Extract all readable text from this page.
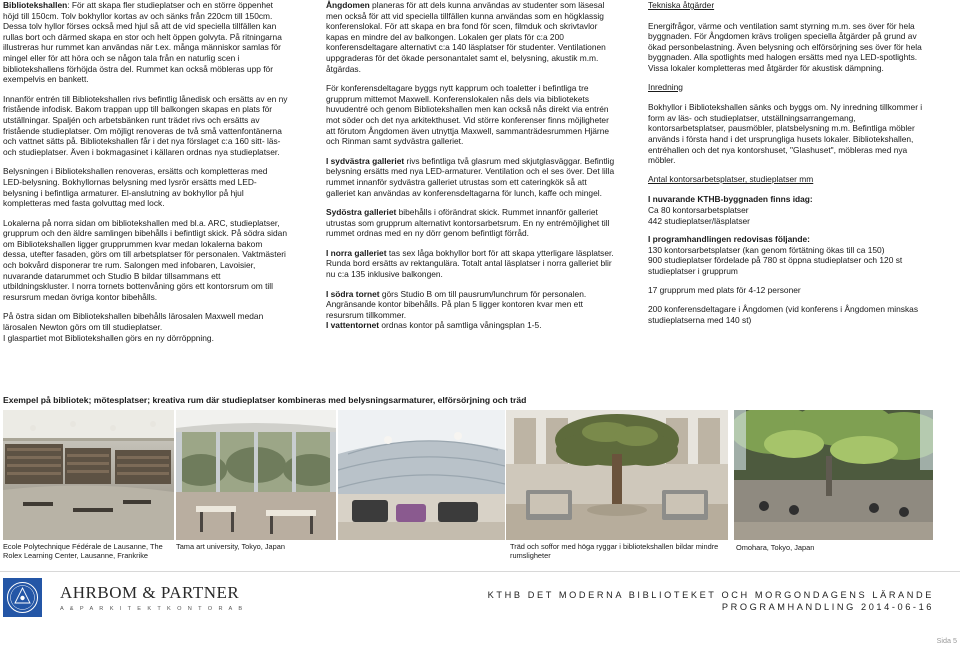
Bibliotekshallen: För att skapa fler studieplatser och en större öppenhet höjd till 150cm. Tolv bokhyllor kortas av och sänks från 220cm till 150cm. Dessa tolv hyllor förses också med hjul så att de vid speciella tillfällen kan rullas bort och därmed skapa en stor och helt öppen golvyta. På ritningarna illustreras hur rummet kan användas när t.ex. många människor samlas för mingel eller för att höra och se någon tala från en naturlig scen i bibliotekshallens förhöjda östra del. Rummet kan också möbleras upp för exempelvis en bankett.

Innanför entrén till Bibliotekshallen rivs befintlig lånedisk och ersätts av en ny fristående infodisk. Bakom trappan upp till balkongen skapas en plats för utställningar. Spaljén och arbetsbänken runt trädet rivs och ersätts av fristående studieplatser. Om möjligt renoveras de två små vattenfontänerna och vattnet sätts på. Bibliotekshallen får i det nya förslaget c:a 160 sitt- läs- och studieplatser. Även i bokmagasinet i källaren ordnas nya studieplatser.

Belysningen i Bibliotekshallen renoveras, ersätts och kompletteras med LED-belysning. Bokhyllornas belysning med lysrör ersätts med LED-belysning i befintliga armaturer. El-anslutning av bokhyllor på hjul kompletteras med fasta golvuttag med lock.

Lokalerna på norra sidan om bibliotekshallen med bl.a. ARC, studieplatser, grupprum och den äldre samlingen bibehålls i befintligt skick. På södra sidan om Bibliotekshallen ligger grupprummen kvar medan lokalerna bakom dessa, utefter fasaden, görs om till arbetsplatser för personalen. Vaktmästeri och bokvård disponerar tre rum. Salongen med infobaren, Lavoisier, nuvarande datarummet och Studio B bildar tillsammans ett utbildningskluster. I norra tornets bottenvåning görs ett kontorsrum om till resursrum medan övriga kontor bibehålls.

På östra sidan om Bibliotekshallen bibehålls lärosalen Maxwell medan lärosalen Newton görs om till studieplatser.

I glaspartiet mot Bibliotekshallen görs en ny dörröppning.

Ångdomen planeras för att dels kunna användas av studenter som läsesal men också för att vid speciella tillfällen kunna användas som en högklassig konferenslokal. För att skapa en bra fond för scen, filmduk och skrivtavlor kapas en mindre del av balkongen. Lokalen ger plats för c:a 200 konferensdeltagare alternativt c:a 140 läsplatser för studenter. Ventilationen uppgraderas för det ökade personantalet samt el, belysning, akustik m.m. åtgärdas.

För konferensdeltagare byggs nytt kapprum och toaletter i befintliga tre grupprum mittemot Maxwell. Konferenslokalen nås dels via bibliotekets huvudentré och genom Bibliotekshallen men kan också nås direkt via entrén mot söder och det nya arkitekthuset. Vid större konferenser finns möjligheter att förutom Ångdomen även utnyttja Maxwell, sammanträdesrummen Hjärne och Rinman samt sydvästra galleriet.

I sydvästra galleriet rivs befintliga två glasrum med skjutglasväggar. Befintlig belysning ersätts med nya LED-armaturer. Ventilation och el ses över. Det lilla rummet innanför sydvästra galleriet utrustas som ett cateringkök så att galleriet kan användas av konferensdeltagarna för lunch, kaffe och mingel.

Sydöstra galleriet bibehålls i oförändrat skick. Rummet innanför galleriet utrustas som grupprum alternativt kontorsarbetsrum. En ny entrémöjlighet till rummet ordnas med en ny dörr genom befintligt förråd.

I norra galleriet tas sex låga bokhyllor bort för att skapa ytterligare läsplatser. Runda bord ersätts av rektangulära. Totalt antal läsplatser i norra galleriet blir nu c:a 135 inklusive balkongen.

I södra tornet görs Studio B om till pausrum/lunchrum för personalen. Angränsande kontor bibehålls. På plan 5 ligger kontoren kvar men ett resursrum tillkommer.

I vattentornet ordnas kontor på samtliga våningsplan 1-5.

Tekniska åtgärder

Energifrågor, värme och ventilation samt styrning m.m. ses över för hela byggnaden. För Ångdomen krävs troligen speciella åtgärder på grund av ökad personbelastning. Även belysning och elförsörjning ses över för hela byggnaden. Alla spotlights med halogen ersätts med nya LED-spotlights. Vissa lokaler kompletteras med åtgärder för akustisk dämpning.

Inredning

Bokhyllor i Bibliotekshallen sänks och byggs om. Ny inredning tillkommer i form av läs- och studieplatser, utställningsarrangemang, kontorsarbetsplatser, pausmöbler, platsbelysning m.m. Befintliga möbler används i första hand i det ursprungliga husets lokaler. Bibliotekshallen, entréhallen och det nya kontorshuset, "Glashuset", möbleras med nya möbler.

Antal kontorsarbetsplatser, studieplatser mm

I nuvarande KTHB-byggnaden finns idag:
Ca 80 kontorsarbetsplatser
442 studieplatser/läsplatser

I programhandlingen redovisas följande:
130 kontorsarbetsplatser (kan genom förtätning ökas till ca 150)
900 studieplatser fördelade på 780 st öppna studieplatser och 120 st studieplatser i grupprum

17 grupprum med plats för 4-12 personer

200 konferensdeltagare i Ångdomen (vid konferens i Ångdomen minskas studieplatserna med 140 st)

Exempel på bibliotek; mötesplatser; kreativa rum där studieplatser kombineras med belysningsarmaturer, elförsörjning och träd
Ecole Polytechnique Fédérale de Lausanne, The Rolex Learning Center, Lausanne, Frankrike
Tama art university, Tokyo, Japan	Träd och soffor med höga ryggar i bibliotekshallen bildar mindre rumsligheter
Omohara, Tokyo, Japan
AHRBOM & PARTNER
A & P A R K I T E K T K O N T O R A B
KTHB DET MODERNA BIBLIOTEKET OCH MORGONDAGENS LÄRANDE
PROGRAMHANDLING 2014-06-16
Sida 5
